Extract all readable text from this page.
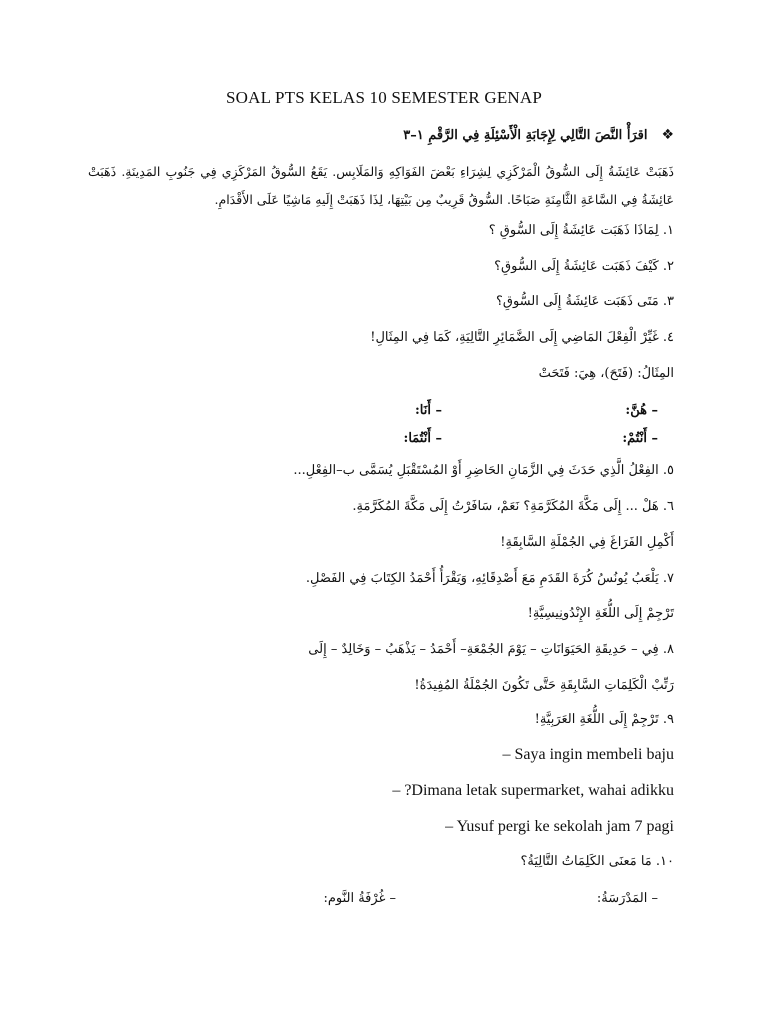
SOAL PTS KELAS 10 SEMESTER GENAP
❖اقرَأْ النَّصَ التَّالِي لِإِجَابَةِ الْأَسْئِلَةِ فِي الرَّقْمِ ١–٣
ذَهَبَتْ عَائِشَةُ إِلَى السُّوقُ الْمَرْكَزِي لِشِرَاءِ بَعْضَ الفَوَاكِهِ وَالمَلَابِس. يَقَعُ السُّوقُ المَرْكَزِي فِي جَنُوبِ المَدِينَةِ. ذَهَبَتْ عَائِشَةُ فِي السَّاعَةِ الثَّامِنَةِ صَبَاحًا. السُّوقُ قَرِيبٌ مِن بَيْتِهَا، لِذَا ذَهَبَتْ إِلَيهِ مَاشِيًا عَلَى الأَقْدَامِ.
١. لِمَاذَا ذَهَبَت عَائِشَةُ إِلَى السُّوقِ ؟
٢. كَيْفَ ذَهَبَت عَائِشَةُ إِلَى السُّوقِ؟
٣. مَتَى ذَهَبَت عَائِشَةُ إِلَى السُّوقِ؟
٤. غَيِّرْ الْفِعْلَ المَاضِي إِلَى الضَّمَائِرِ التَّالِيَةِ، كَمَا فِي المِثَالِ!
المِثَالُ: (فَتَحَ)، هِيَ: فَتَحَتْ
– هُنَّ:
– أَنَا:
– أَنْتُمْ:
– أَنْتُمَا:
٥. الفِعْلُ الَّذِي حَدَثَ فِي الزَّمَانِ الحَاضِرِ أَوْ المُسْتَقْبَلِ يُسَمَّى ب–الفِعْلِ...
٦. هَلْ ... إِلَى مَكَّةَ المُكَرَّمَةِ؟ نَعَمْ، سَافَرْتُ إِلَى مَكَّةَ المُكَرَّمَةِ.
أَكْمِلِ الفَرَاغَ فِي الجُمْلَةِ السَّابِقَةِ!
٧. يَلْعَبُ يُونُسُ كُرَةَ القَدَمِ مَعَ أَصْدِقَائِهِ، وَيَقْرَأُ أَحْمَدُ الكِتَابَ فِي الفَصْلِ.
تَرْجِمْ إِلَى اللُّغَةِ الإِنْدُونِيسِيَّةِ!
٨. فِي – حَدِيقَةِ الحَيَوَانَاتِ – يَوْمَ الجُمْعَةِ– أَحْمَدُ – يَذْهَبُ – وَخَالِدٌ – إِلَى
رَتِّبْ الْكَلِمَاتِ السَّابِقَةِ حَتَّى تَكُونَ الجُمْلَةُ المُفِيدَةُ!
٩. تَرْجِمْ إِلَى اللُّغَةِ العَرَبِيَّةِ!
– Saya ingin membeli baju
– ?Dimana letak supermarket, wahai adikku
– Yusuf pergi ke sekolah jam 7 pagi
١٠. مَا مَعنَى الكَلِمَاتُ التَّالِيَةُ؟
– المَدْرَسَةُ:
– غُرْفَةُ النَّوم:
